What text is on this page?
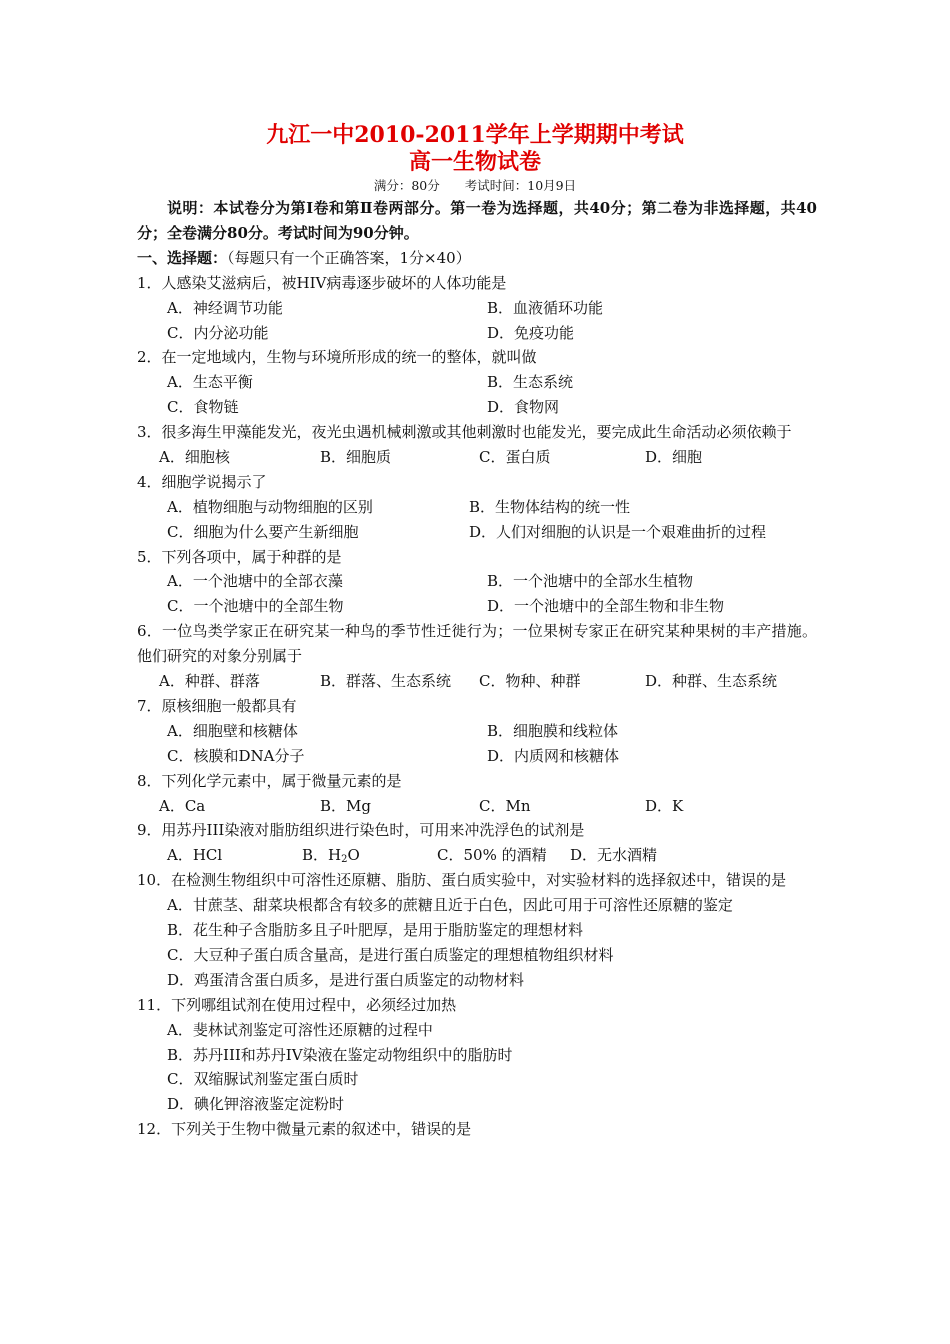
九江一中2010-2011学年上学期期中考试
高一生物试卷
满分：80分　　考试时间：10月9日
说明：本试卷分为第Ⅰ卷和第Ⅱ卷两部分。第一卷为选择题，共40分；第二卷为非选择题，共40分；全卷满分80分。考试时间为90分钟。
一、选择题：（每题只有一个正确答案，1分×40）
1．人感染艾滋病后，被HIV病毒逐步破坏的人体功能是
A．神经调节功能	B．血液循环功能
C．内分泌功能	D．免疫功能
2．在一定地域内，生物与环境所形成的统一的整体，就叫做
A．生态平衡	B．生态系统
C．食物链	D．食物网
3．很多海生甲藻能发光，夜光虫遇机械刺激或其他刺激时也能发光，要完成此生命活动必须依赖于
A．细胞核	B．细胞质	C．蛋白质	D．细胞
4．细胞学说揭示了
A．植物细胞与动物细胞的区别	B．生物体结构的统一性
C．细胞为什么要产生新细胞	D．人们对细胞的认识是一个艰难曲折的过程
5．下列各项中，属于种群的是
A．一个池塘中的全部衣藻	B．一个池塘中的全部水生植物
C．一个池塘中的全部生物	D．一个池塘中的全部生物和非生物
6．一位鸟类学家正在研究某一种鸟的季节性迁徙行为；一位果树专家正在研究某种果树的丰产措施。他们研究的对象分别属于
A．种群、群落	B．群落、生态系统 C．物种、种群	D．种群、生态系统
7．原核细胞一般都具有
A．细胞壁和核糖体	B．细胞膜和线粒体
C．核膜和DNA分子	D．内质网和核糖体
8．下列化学元素中，属于微量元素的是
A．Ca	B．Mg	C．Mn	D．K
9．用苏丹III染液对脂肪组织进行染色时，可用来冲洗浮色的试剂是
A．HCl	B．$H_2O$	C．50% 的酒精 D．无水酒精
10．在检测生物组织中可溶性还原糖、脂肪、蛋白质实验中，对实验材料的选择叙述中，错误的是
A．甘蔗茎、甜菜块根都含有较多的蔗糖且近于白色，因此可用于可溶性还原糖的鉴定
B．花生种子含脂肪多且子叶肥厚，是用于脂肪鉴定的理想材料
C．大豆种子蛋白质含量高，是进行蛋白质鉴定的理想植物组织材料
D．鸡蛋清含蛋白质多，是进行蛋白质鉴定的动物材料
11．下列哪组试剂在使用过程中，必须经过加热
A．斐林试剂鉴定可溶性还原糖的过程中
B．苏丹III和苏丹IV染液在鉴定动物组织中的脂肪时
C．双缩脲试剂鉴定蛋白质时
D．碘化钾溶液鉴定淀粉时
12．下列关于生物中微量元素的叙述中，错误的是
